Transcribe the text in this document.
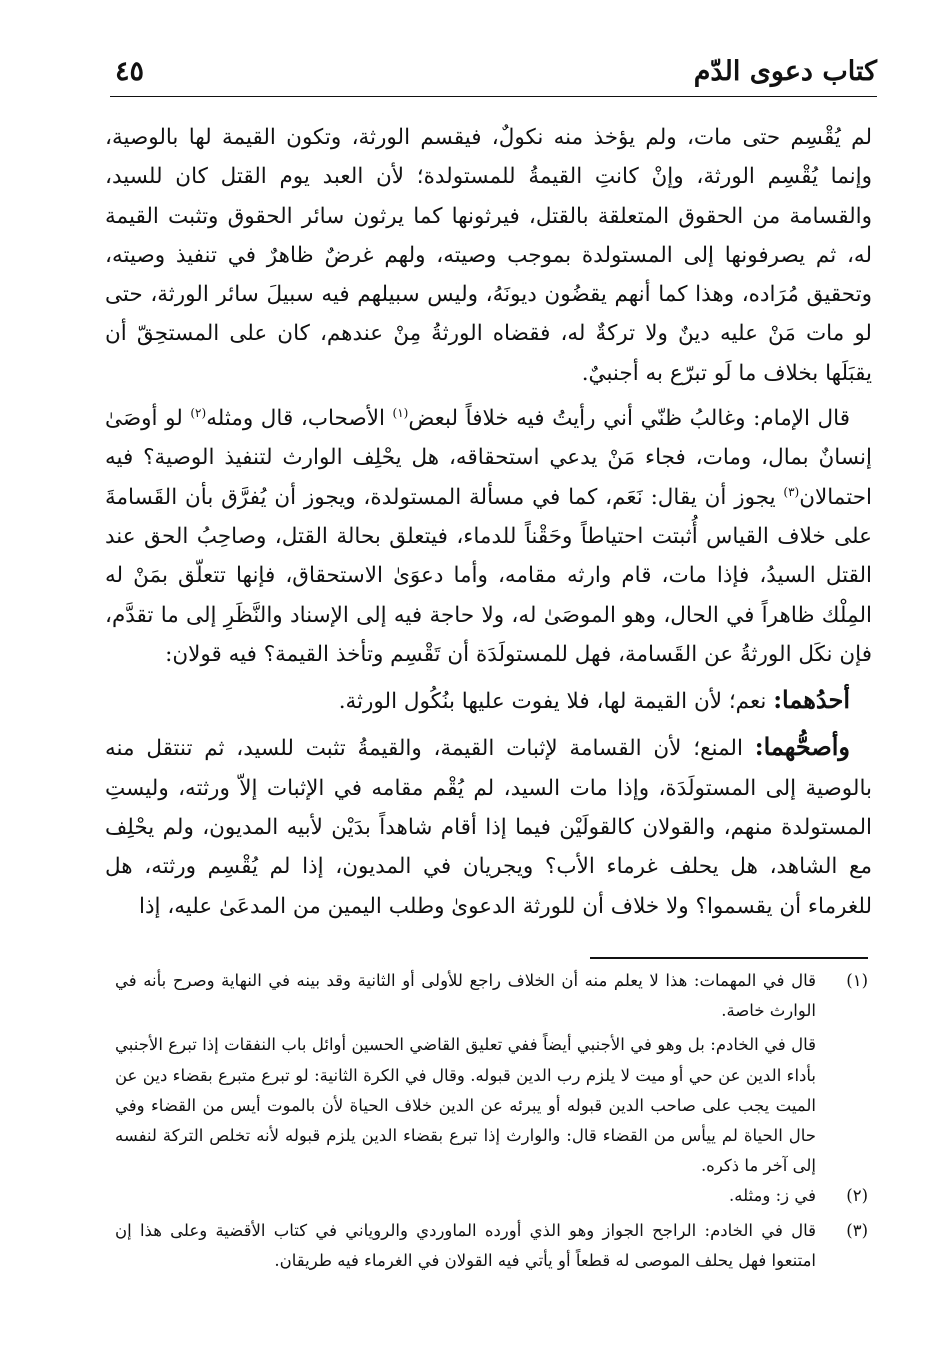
كتاب دعوى الدّم
٤٥

لم يُقْسِم حتى مات، ولم يؤخذ منه نكولٌ، فيقسم الورثة، وتكون القيمة لها بالوصية، وإنما يُقْسِم الورثة، وإنْ كانتِ القيمةُ للمستولدة؛ لأن العبد يوم القتل كان للسيد، والقسامة من الحقوق المتعلقة بالقتل، فيرثونها كما يرثون سائر الحقوق وتثبت القيمة له، ثم يصرفونها إلى المستولدة بموجب وصيته، ولهم غرضٌ ظاهرٌ في تنفيذ وصيته، وتحقيق مُرَاده، وهذا كما أنهم يقضُون ديونَهُ، وليس سبيلهم فيه سبيلَ سائر الورثة، حتى لو مات مَنْ عليه دينٌ ولا تركةٌ له، فقضاه الورثةُ مِنْ عندهم، كان على المستحِقّ أن يقبَلَها بخلاف ما لَو تبرّع به أجنبيٌ.

قال الإمام: وغالبُ ظنّي أني رأيتُ فيه خلافاً لبعض$^{(١)}$ الأصحاب، قال ومثله$^{(٢)}$ لو أوصَىٰ إنسانٌ بمال، ومات، فجاء مَنْ يدعي استحقاقه، هل يحْلِف الوارث لتنفيذ الوصية؟ فيه احتمالان$^{(٣)}$ يجوز أن يقال: نَعَم، كما في مسألة المستولدة، ويجوز أن يُفرَّق بأن القَسامةَ على خلاف القياس أُثبتت احتياطاً وحَقْناً للدماء، فيتعلق بحالة القتل، وصاحِبُ الحق عند القتل السيدُ، فإذا مات، قام وارثه مقامه، وأما دعوَىٰ الاستحقاق، فإنها تتعلّق بمَنْ له المِلْك ظاهراً في الحال، وهو الموصَىٰ له، ولا حاجة فيه إلى الإسناد والنَّظَرِ إلى ما تقدَّم، فإن نكَل الورثةُ عن القَسامة، فهل للمستولَدَة أن تَقْسِم وتأخذ القيمة؟ فيه قولان:

أحدُهما: نعم؛ لأن القيمة لها، فلا يفوت عليها بنُكُول الورثة.

وأصحُّهما: المنع؛ لأن القسامة لإثبات القيمة، والقيمةُ تثبت للسيد، ثم تنتقل منه بالوصية إلى المستولَدَة، وإذا مات السيد، لم يُقْم مقامه في الإثبات إلاّ ورثته، وليستِ المستولدة منهم، والقولان كالقولَيْن فيما إذا أقام شاهداً بدَيْن لأبيه المديون، ولم يحْلِف مع الشاهد، هل يحلف غرماء الأب؟ ويجريان في المديون، إذا لم يُقْسِم ورثته، هل للغرماء أن يقسموا؟ ولا خلاف أن للورثة الدعوىٰ وطلب اليمين من المدعَىٰ عليه، إذا

(١)
قال في المهمات: هذا لا يعلم منه أن الخلاف راجع للأولى أو الثانية وقد بينه في النهاية وصرح بأنه في الوارث خاصة.

قال في الخادم: بل وهو في الأجنبي أيضاً ففي تعليق القاضي الحسين أوائل باب النفقات إذا تبرع الأجنبي بأداء الدين عن حي أو ميت لا يلزم رب الدين قبوله. وقال في الكرة الثانية: لو تبرع متبرع بقضاء دين عن الميت يجب على صاحب الدين قبوله أو يبرئه عن الدين خلاف الحياة لأن بالموت أيس من القضاء وفي حال الحياة لم ييأس من القضاء قال: والوارث إذا تبرع بقضاء الدين يلزم قبوله لأنه تخلص التركة لنفسه إلى آخر ما ذكره.

(٢)
في ز: ومثله.
(٣)
قال في الخادم: الراجح الجواز وهو الذي أورده الماوردي والروياني في كتاب الأقضية وعلى هذا إن امتنعوا فهل يحلف الموصى له قطعاً أو يأتي فيه القولان في الغرماء فيه طريقان.
